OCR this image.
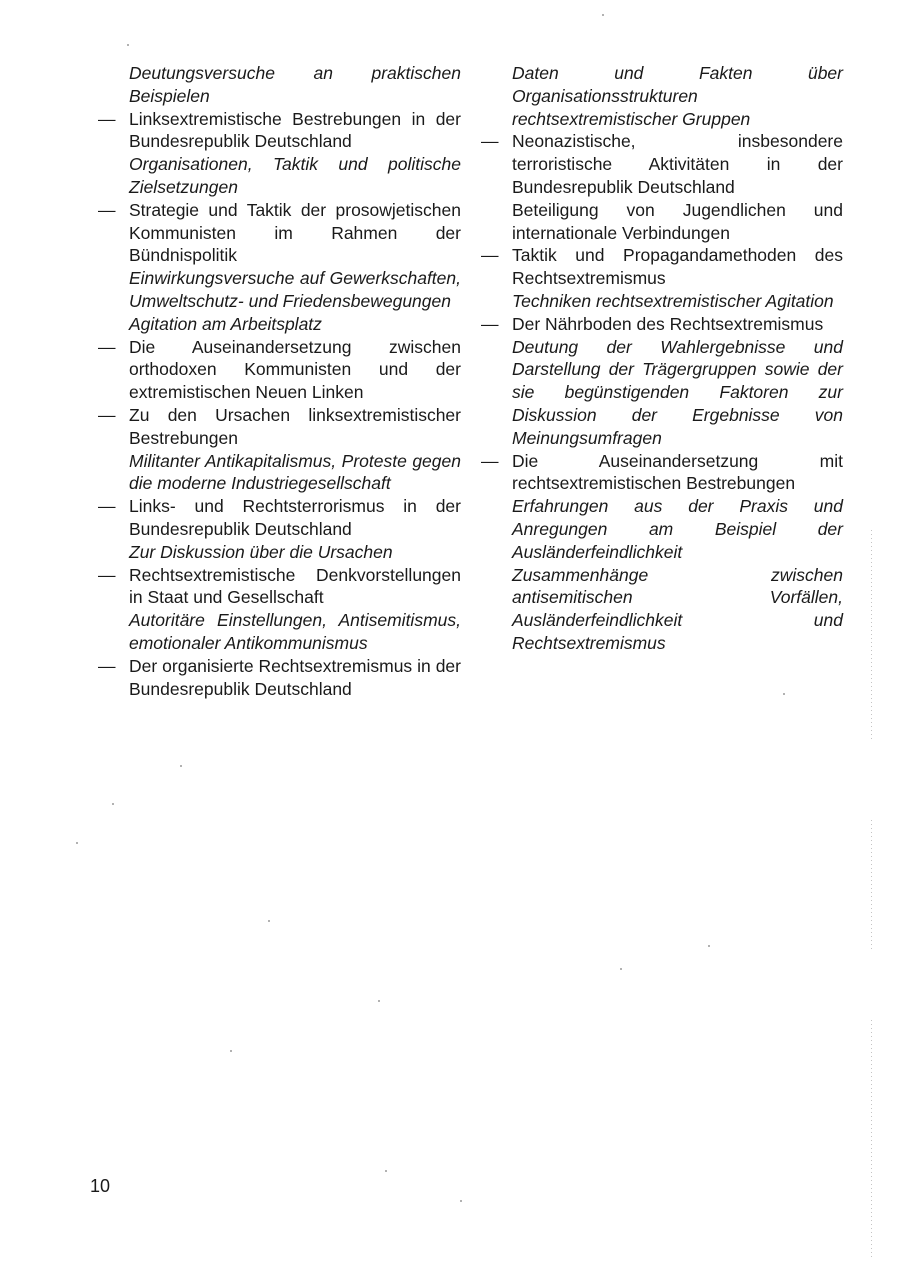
Deutungsversuche an praktischen Beispielen

— Linksextremistische Bestrebungen in der Bundesrepublik Deutschland

Organisationen, Taktik und politische Zielsetzungen

— Strategie und Taktik der prosowjetischen Kommunisten im Rahmen der Bündnispolitik

Einwirkungsversuche auf Gewerkschaften, Umweltschutz- und Friedensbewegungen

Agitation am Arbeitsplatz

— Die Auseinandersetzung zwischen orthodoxen Kommunisten und der extremistischen Neuen Linken

— Zu den Ursachen linksextremistischer Bestrebungen

Militanter Antikapitalismus, Proteste gegen die moderne Industriegesellschaft

— Links- und Rechtsterrorismus in der Bundesrepublik Deutschland

Zur Diskussion über die Ursachen

— Rechtsextremistische Denkvorstellungen in Staat und Gesellschaft

Autoritäre Einstellungen, Antisemitismus, emotionaler Antikommunismus

— Der organisierte Rechtsextremismus in der Bundesrepublik Deutschland

Daten und Fakten über Organisationsstrukturen rechtsextremistischer Gruppen

— Neonazistische, insbesondere terroristische Aktivitäten in der Bundesrepublik Deutschland

Beteiligung von Jugendlichen und internationale Verbindungen

— Taktik und Propagandamethoden des Rechtsextremismus

Techniken rechtsextremistischer Agitation

— Der Nährboden des Rechtsextremismus

Deutung der Wahlergebnisse und Darstellung der Trägergruppen sowie der sie begünstigenden Faktoren zur Diskussion der Ergebnisse von Meinungsumfragen

— Die Auseinandersetzung mit rechtsextremistischen Bestrebungen

Erfahrungen aus der Praxis und Anregungen am Beispiel der Ausländerfeindlichkeit

Zusammenhänge zwischen antisemitischen Vorfällen, Ausländerfeindlichkeit und Rechtsextremismus

10
